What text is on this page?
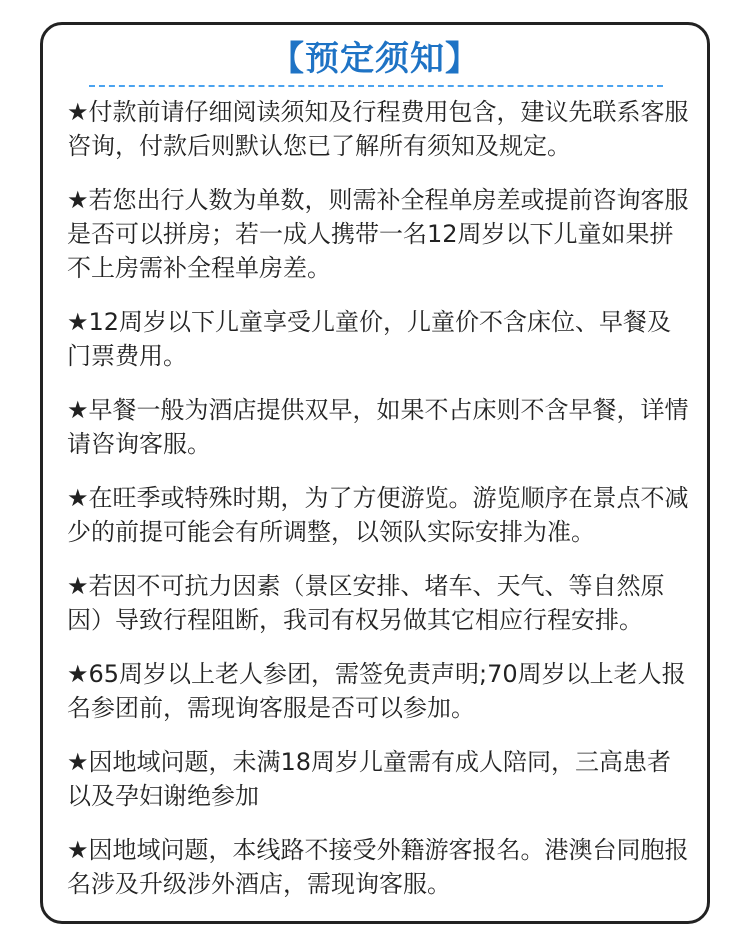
【预定须知】

★付款前请仔细阅读须知及行程费用包含，建议先联系客服咨询，付款后则默认您已了解所有须知及规定。

★若您出行人数为单数，则需补全程单房差或提前咨询客服是否可以拼房；若一成人携带一名12周岁以下儿童如果拼不上房需补全程单房差。

★12周岁以下儿童享受儿童价，儿童价不含床位、早餐及门票费用。

★早餐一般为酒店提供双早，如果不占床则不含早餐，详情请咨询客服。

★在旺季或特殊时期，为了方便游览。游览顺序在景点不减少的前提可能会有所调整，以领队实际安排为准。

★若因不可抗力因素（景区安排、堵车、天气、等自然原因）导致行程阻断，我司有权另做其它相应行程安排。

★65周岁以上老人参团，需签免责声明;70周岁以上老人报名参团前，需现询客服是否可以参加。

★因地域问题，未满18周岁儿童需有成人陪同，三高患者以及孕妇谢绝参加

★因地域问题，本线路不接受外籍游客报名。港澳台同胞报名涉及升级涉外酒店，需现询客服。
